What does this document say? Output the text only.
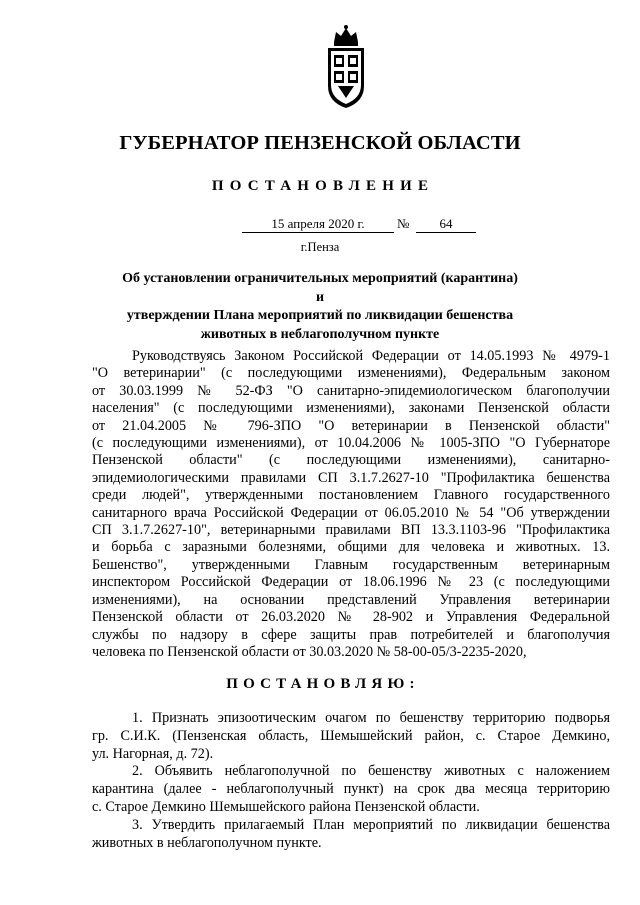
ГУБЕРНАТОР ПЕНЗЕНСКОЙ ОБЛАСТИ
ПОСТАНОВЛЕНИЕ
15 апреля 2020 г.	№	64
г.Пенза
Об установлении ограничительных мероприятий (карантина) и
утверждении Плана мероприятий по ликвидации бешенства
животных в неблагополучном пункте
Руководствуясь Законом Российской Федерации от 14.05.1993 № 4979-1
"О ветеринарии" (с последующими изменениями), Федеральным законом
от 30.03.1999 № 52-ФЗ "О санитарно-эпидемиологическом благополучии
населения" (с последующими изменениями), законами Пензенской области
от 21.04.2005 № 796-ЗПО "О ветеринарии в Пензенской области"
(с последующими изменениями), от 10.04.2006 № 1005-ЗПО "О Губернаторе
Пензенской области" (с последующими изменениями), санитарно-
эпидемиологическими правилами СП 3.1.7.2627-10 "Профилактика бешенства
среди людей", утвержденными постановлением Главного государственного
санитарного врача Российской Федерации от 06.05.2010 № 54 "Об утверждении
СП 3.1.7.2627-10", ветеринарными правилами ВП 13.3.1103-96 "Профилактика
и борьба с заразными болезнями, общими для человека и животных. 13.
Бешенство", утвержденными Главным государственным ветеринарным
инспектором Российской Федерации от 18.06.1996 № 23 (с последующими
изменениями), на основании представлений Управления ветеринарии
Пензенской области от 26.03.2020 № 28-902 и Управления Федеральной
службы по надзору в сфере защиты прав потребителей и благополучия
человека по Пензенской области от 30.03.2020 № 58-00-05/3-2235-2020,
ПОСТАНОВЛЯЮ:
1. Признать эпизоотическим очагом по бешенству территорию подворья
гр. С.И.К. (Пензенская область, Шемышейский район, с. Старое Демкино,
ул. Нагорная, д. 72).
2. Объявить неблагополучной по бешенству животных с наложением
карантина (далее - неблагополучный пункт) на срок два месяца территорию
с. Старое Демкино Шемышейского района Пензенской области.
3. Утвердить прилагаемый План мероприятий по ликвидации бешенства
животных в неблагополучном пункте.
